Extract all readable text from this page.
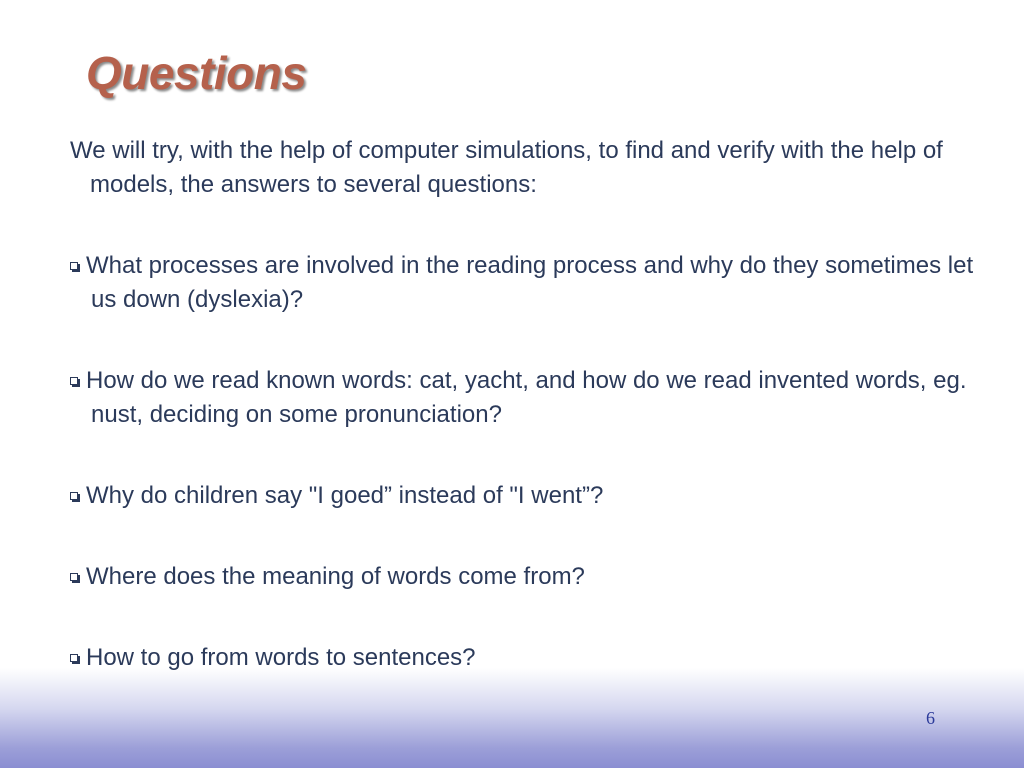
Questions

We will try, with the help of computer simulations, to find and verify with the help of models, the answers to several questions:

What processes are involved in the reading process and why do they sometimes let us down (dyslexia)?

How do we read known words: cat, yacht, and how do we read invented words, eg. nust, deciding on some pronunciation?

Why do children say "I goed” instead of "I went”?

Where does the meaning of words come from?

How to go from words to sentences?

6
